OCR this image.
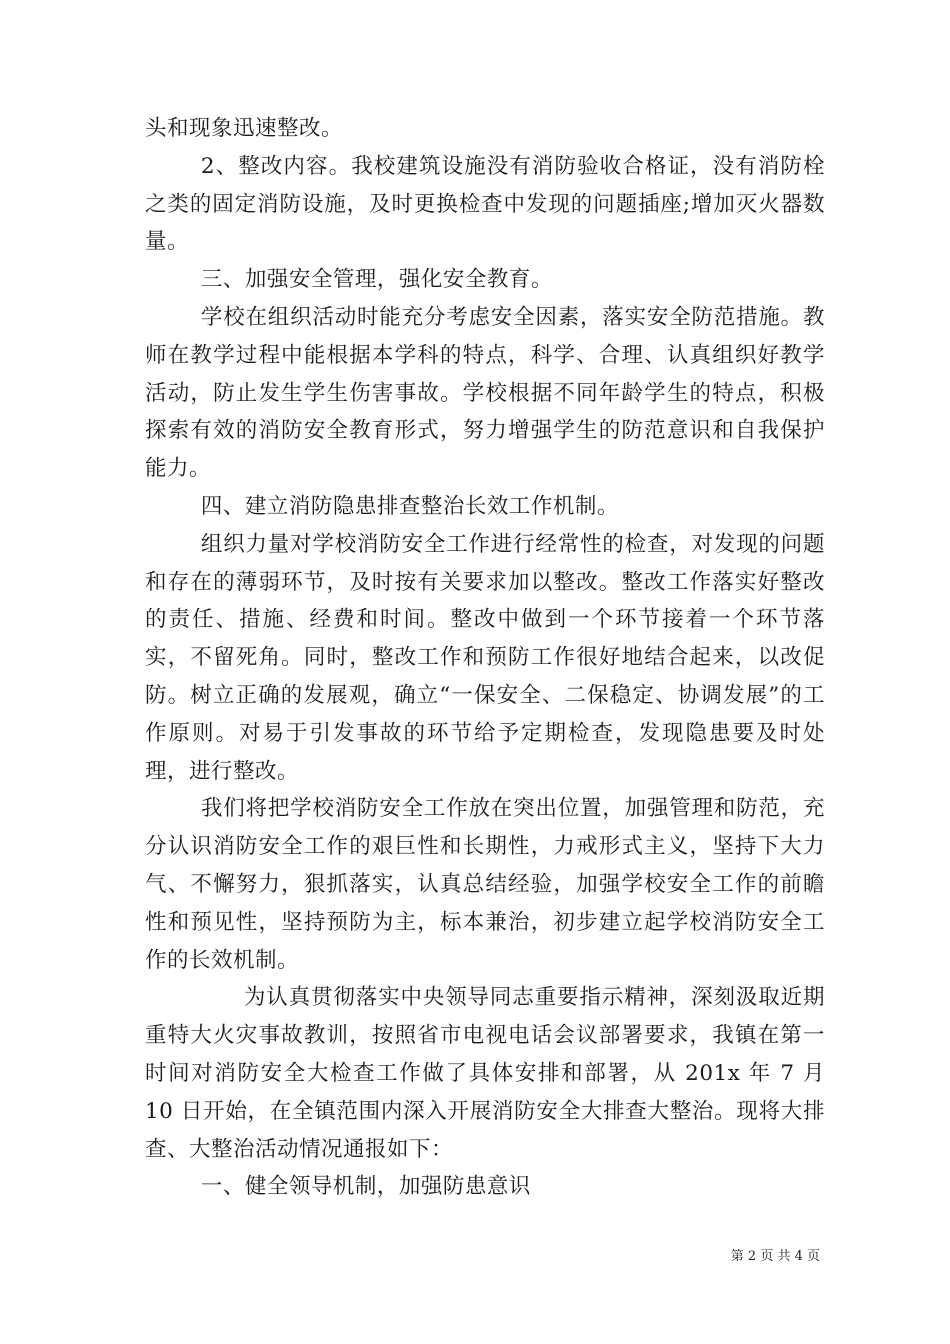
头和现象迅速整改。

2、整改内容。我校建筑设施没有消防验收合格证，没有消防栓之类的固定消防设施，及时更换检查中发现的问题插座;增加灭火器数量。

三、加强安全管理，强化安全教育。

学校在组织活动时能充分考虑安全因素，落实安全防范措施。教师在教学过程中能根据本学科的特点，科学、合理、认真组织好教学活动，防止发生学生伤害事故。学校根据不同年龄学生的特点，积极探索有效的消防安全教育形式，努力增强学生的防范意识和自我保护能力。

四、建立消防隐患排查整治长效工作机制。

组织力量对学校消防安全工作进行经常性的检查，对发现的问题和存在的薄弱环节，及时按有关要求加以整改。整改工作落实好整改的责任、措施、经费和时间。整改中做到一个环节接着一个环节落实，不留死角。同时，整改工作和预防工作很好地结合起来，以改促防。树立正确的发展观，确立“一保安全、二保稳定、协调发展”的工作原则。对易于引发事故的环节给予定期检查，发现隐患要及时处理，进行整改。

我们将把学校消防安全工作放在突出位置，加强管理和防范，充分认识消防安全工作的艰巨性和长期性，力戒形式主义，坚持下大力气、不懈努力，狠抓落实，认真总结经验，加强学校安全工作的前瞻性和预见性，坚持预防为主，标本兼治，初步建立起学校消防安全工作的长效机制。

为认真贯彻落实中央领导同志重要指示精神，深刻汲取近期重特大火灾事故教训，按照省市电视电话会议部署要求，我镇在第一时间对消防安全大检查工作做了具体安排和部署，从 201x 年 7 月 10 日开始，在全镇范围内深入开展消防安全大排查大整治。现将大排查、大整治活动情况通报如下：

一、健全领导机制，加强防患意识

第 2 页 共 4 页
